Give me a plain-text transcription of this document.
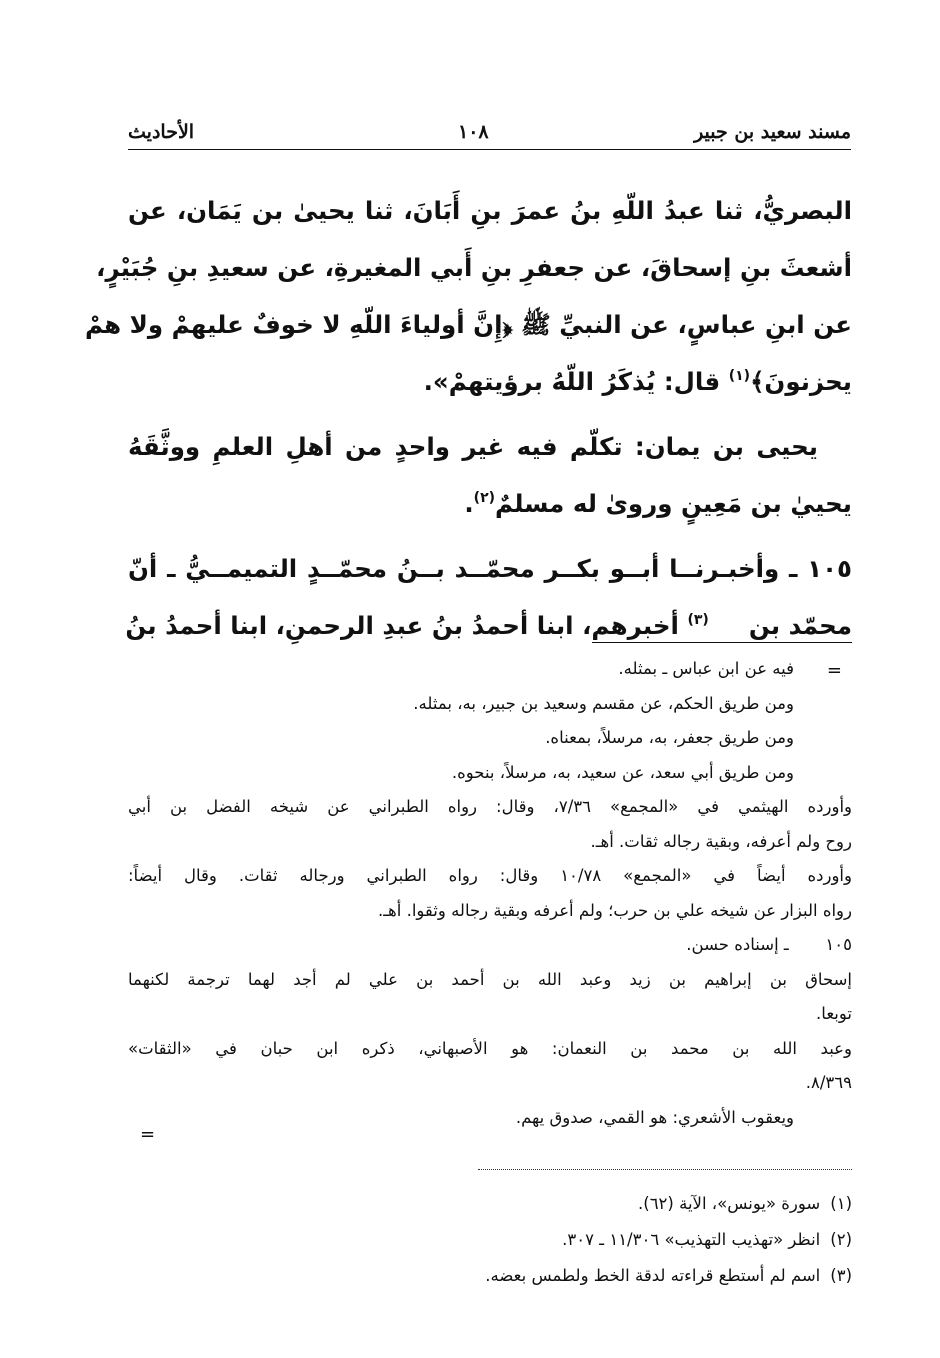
مسند سعيد بن جبير
١٠٨
الأحاديث
البصريُّ، ثنا عبدُ اللّهِ بنُ عمرَ بنِ أَبَانَ، ثنا يحيىٰ بن يَمَان، عن
أشعثَ بنِ إسحاقَ، عن جعفرِ بنِ أَبي المغيرةِ، عن سعيدِ بنِ جُبَيْرٍ،
عن ابنِ عباسٍ، عن النبيِّ ﷺ ﴿إِنَّ أولياءَ اللّهِ لا خوفٌ عليهمْ ولا همْ
يحزنونَ﴾$^{(١)}$ قال: يُذكَرُ اللّهُ برؤيتهمْ».
يحيى بن يمان: تكلّم فيه غير واحدٍ من أهلِ العلمِ ووثَّقَهُ
يحييٰ بن مَعِينٍ وروىٰ له مسلمٌ$^{(٢)}$.
١٠٥ ـ وأخبـرنــا أبــو بكــر محمّــد بــنُ محمّــدٍ التميمــيُّ ـ أنّ
محمّد بن$^{(٣)}$ أخبرهم، ابنا أحمدُ بنُ عبدِ الرحمنِ، ابنا أحمدُ بنُ
=
فيه عن ابن عباس ـ بمثله.
ومن طريق الحكم، عن مقسم وسعيد بن جبير، به، بمثله.
ومن طريق جعفر، به، مرسلاً، بمعناه.
ومن طريق أبي سعد، عن سعيد، به، مرسلاً، بنحوه.
وأورده الهيثمي في «المجمع» ٧/٣٦، وقال: رواه الطبراني عن شيخه الفضل بن أبي
روح ولم أعرفه، وبقية رجاله ثقات. أهـ.
وأورده أيضاً في «المجمع» ١٠/٧٨ وقال: رواه الطبراني ورجاله ثقات. وقال أيضاً:
رواه البزار عن شيخه علي بن حرب؛ ولم أعرفه وبقية رجاله وثقوا. أهـ.
١٠٥ ـ إسناده حسن.
إسحاق بن إبراهيم بن زيد وعبد الله بن أحمد بن علي لم أجد لهما ترجمة لكنهما
توبعا.
وعبد الله بن محمد بن النعمان: هو الأصبهاني، ذكره ابن حبان في «الثقات»
٨/٣٦٩.
ويعقوب الأشعري: هو القمي، صدوق يهم.
=
(١)سورة «يونس»، الآية (٦٢).
(٢)انظر «تهذيب التهذيب» ١١/٣٠٦ ـ ٣٠٧.
(٣)اسم لم أستطع قراءته لدقة الخط ولطمس بعضه.
